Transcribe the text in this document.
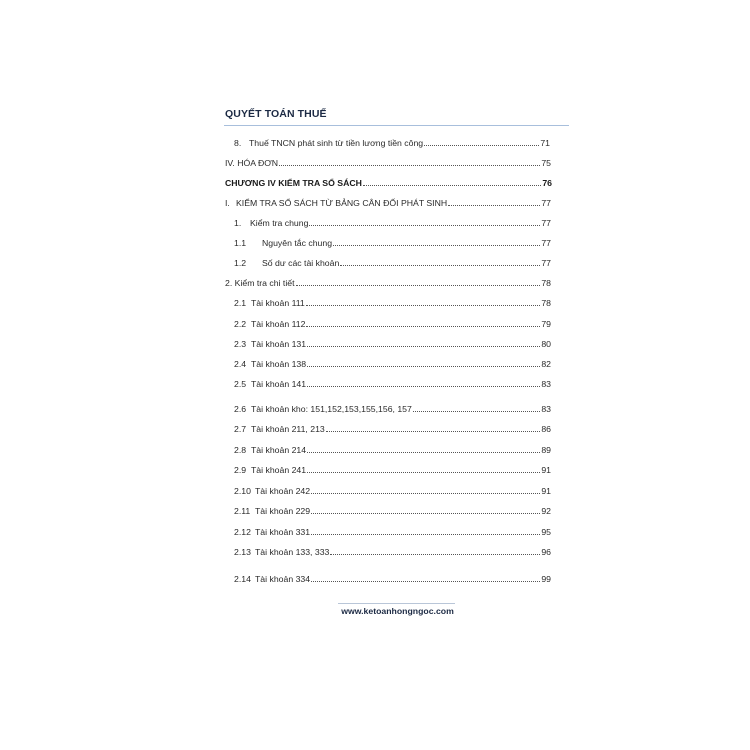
QUYẾT TOÁN THUẾ
8. Thuế TNCN phát sinh từ tiền lương tiền công	71
IV. HÓA ĐƠN	75
CHƯƠNG IV KIỂM TRA SỔ SÁCH	76
I. KIỂM TRA SỔ SÁCH TỪ BẢNG CÂN ĐỐI PHÁT SINH	77
1.	Kiểm tra chung	77
1.1	Nguyên tắc chung	77
1.2	Số dư các tài khoản	77
2. Kiểm tra chi tiết	78
2.1 Tài khoản 111	78
2.2 Tài khoản 112	79
2.3 Tài khoản 131	80
2.4 Tài khoản 138	82
2.5 Tài khoản 141	83
2.6 Tài khoản kho: 151,152,153,155,156, 157	83
2.7 Tài khoản 211, 213	86
2.8 Tài khoản 214	89
2.9 Tài khoản 241	91
2.10 Tài khoản 242	91
2.11 Tài khoản 229	92
2.12 Tài khoản 331	95
2.13 Tài khoản 133, 333	96
2.14 Tài khoản 334	99
www.ketoanhongngoc.com
